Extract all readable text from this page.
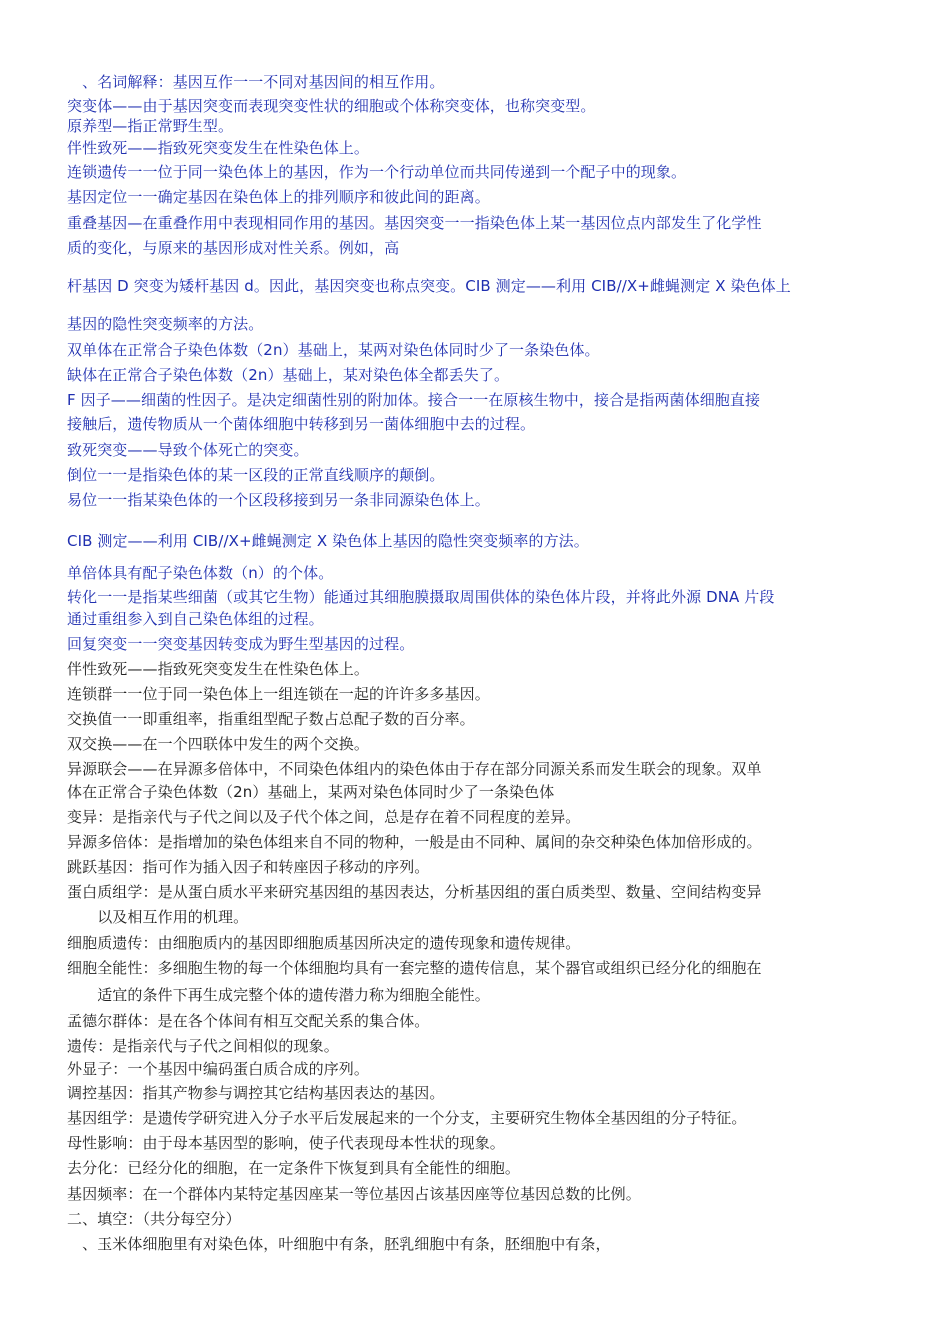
　、名词解释：基因互作一一不同对基因间的相互作用。
突变体——由于基因突变而表现突变性状的细胞或个体称突变体，也称突变型。
原养型—指正常野生型。
伴性致死——指致死突变发生在性染色体上。
连锁遗传一一位于同一染色体上的基因，作为一个行动单位而共同传递到一个配子中的现象。
基因定位一一确定基因在染色体上的排列顺序和彼此间的距离。
重叠基因—在重叠作用中表现相同作用的基因。基因突变一一指染色体上某一基因位点内部发生了化学性
质的变化，与原来的基因形成对性关系。例如，高
杆基因 D 突变为矮杆基因 d。因此，基因突变也称点突变。CIB 测定——利用 CIB//X+雌蝇测定 X 染色体上
基因的隐性突变频率的方法。
双单体在正常合子染色体数（2n）基础上，某两对染色体同时少了一条染色体。
缺体在正常合子染色体数（2n）基础上，某对染色体全都丢失了。
F 因子——细菌的性因子。是决定细菌性别的附加体。接合一一在原核生物中，接合是指两菌体细胞直接
接触后，遗传物质从一个菌体细胞中转移到另一菌体细胞中去的过程。
致死突变——导致个体死亡的突变。
倒位一一是指染色体的某一区段的正常直线顺序的颠倒。
易位一一指某染色体的一个区段移接到另一条非同源染色体上。
CIB 测定——利用 CIB//X+雌蝇测定 X 染色体上基因的隐性突变频率的方法。
单倍体具有配子染色体数（n）的个体。
转化一一是指某些细菌（或其它生物）能通过其细胞膜摄取周围供体的染色体片段，并将此外源 DNA 片段
通过重组参入到自己染色体组的过程。
回复突变一一突变基因转变成为野生型基因的过程。
伴性致死——指致死突变发生在性染色体上。
连锁群一一位于同一染色体上一组连锁在一起的许许多多基因。
交换值一一即重组率，指重组型配子数占总配子数的百分率。
双交换——在一个四联体中发生的两个交换。
异源联会——在异源多倍体中，不同染色体组内的染色体由于存在部分同源关系而发生联会的现象。双单
体在正常合子染色体数（2n）基础上，某两对染色体同时少了一条染色体
变异：是指亲代与子代之间以及子代个体之间，总是存在着不同程度的差异。
异源多倍体：是指增加的染色体组来自不同的物种，一般是由不同种、属间的杂交种染色体加倍形成的。
跳跃基因：指可作为插入因子和转座因子移动的序列。
蛋白质组学：是从蛋白质水平来研究基因组的基因表达，分析基因组的蛋白质类型、数量、空间结构变异
　　以及相互作用的机理。
细胞质遗传：由细胞质内的基因即细胞质基因所决定的遗传现象和遗传规律。
细胞全能性：多细胞生物的每一个体细胞均具有一套完整的遗传信息，某个器官或组织已经分化的细胞在
　　适宜的条件下再生成完整个体的遗传潜力称为细胞全能性。
孟德尔群体：是在各个体间有相互交配关系的集合体。
遗传：是指亲代与子代之间相似的现象。
外显子：一个基因中编码蛋白质合成的序列。
调控基因：指其产物参与调控其它结构基因表达的基因。
基因组学：是遗传学研究进入分子水平后发展起来的一个分支，主要研究生物体全基因组的分子特征。
母性影响：由于母本基因型的影响，使子代表现母本性状的现象。
去分化：已经分化的细胞，在一定条件下恢复到具有全能性的细胞。
基因频率：在一个群体内某特定基因座某一等位基因占该基因座等位基因总数的比例。
二、填空：（共分每空分）
　、玉米体细胞里有对染色体，叶细胞中有条，胚乳细胞中有条，胚细胞中有条，
